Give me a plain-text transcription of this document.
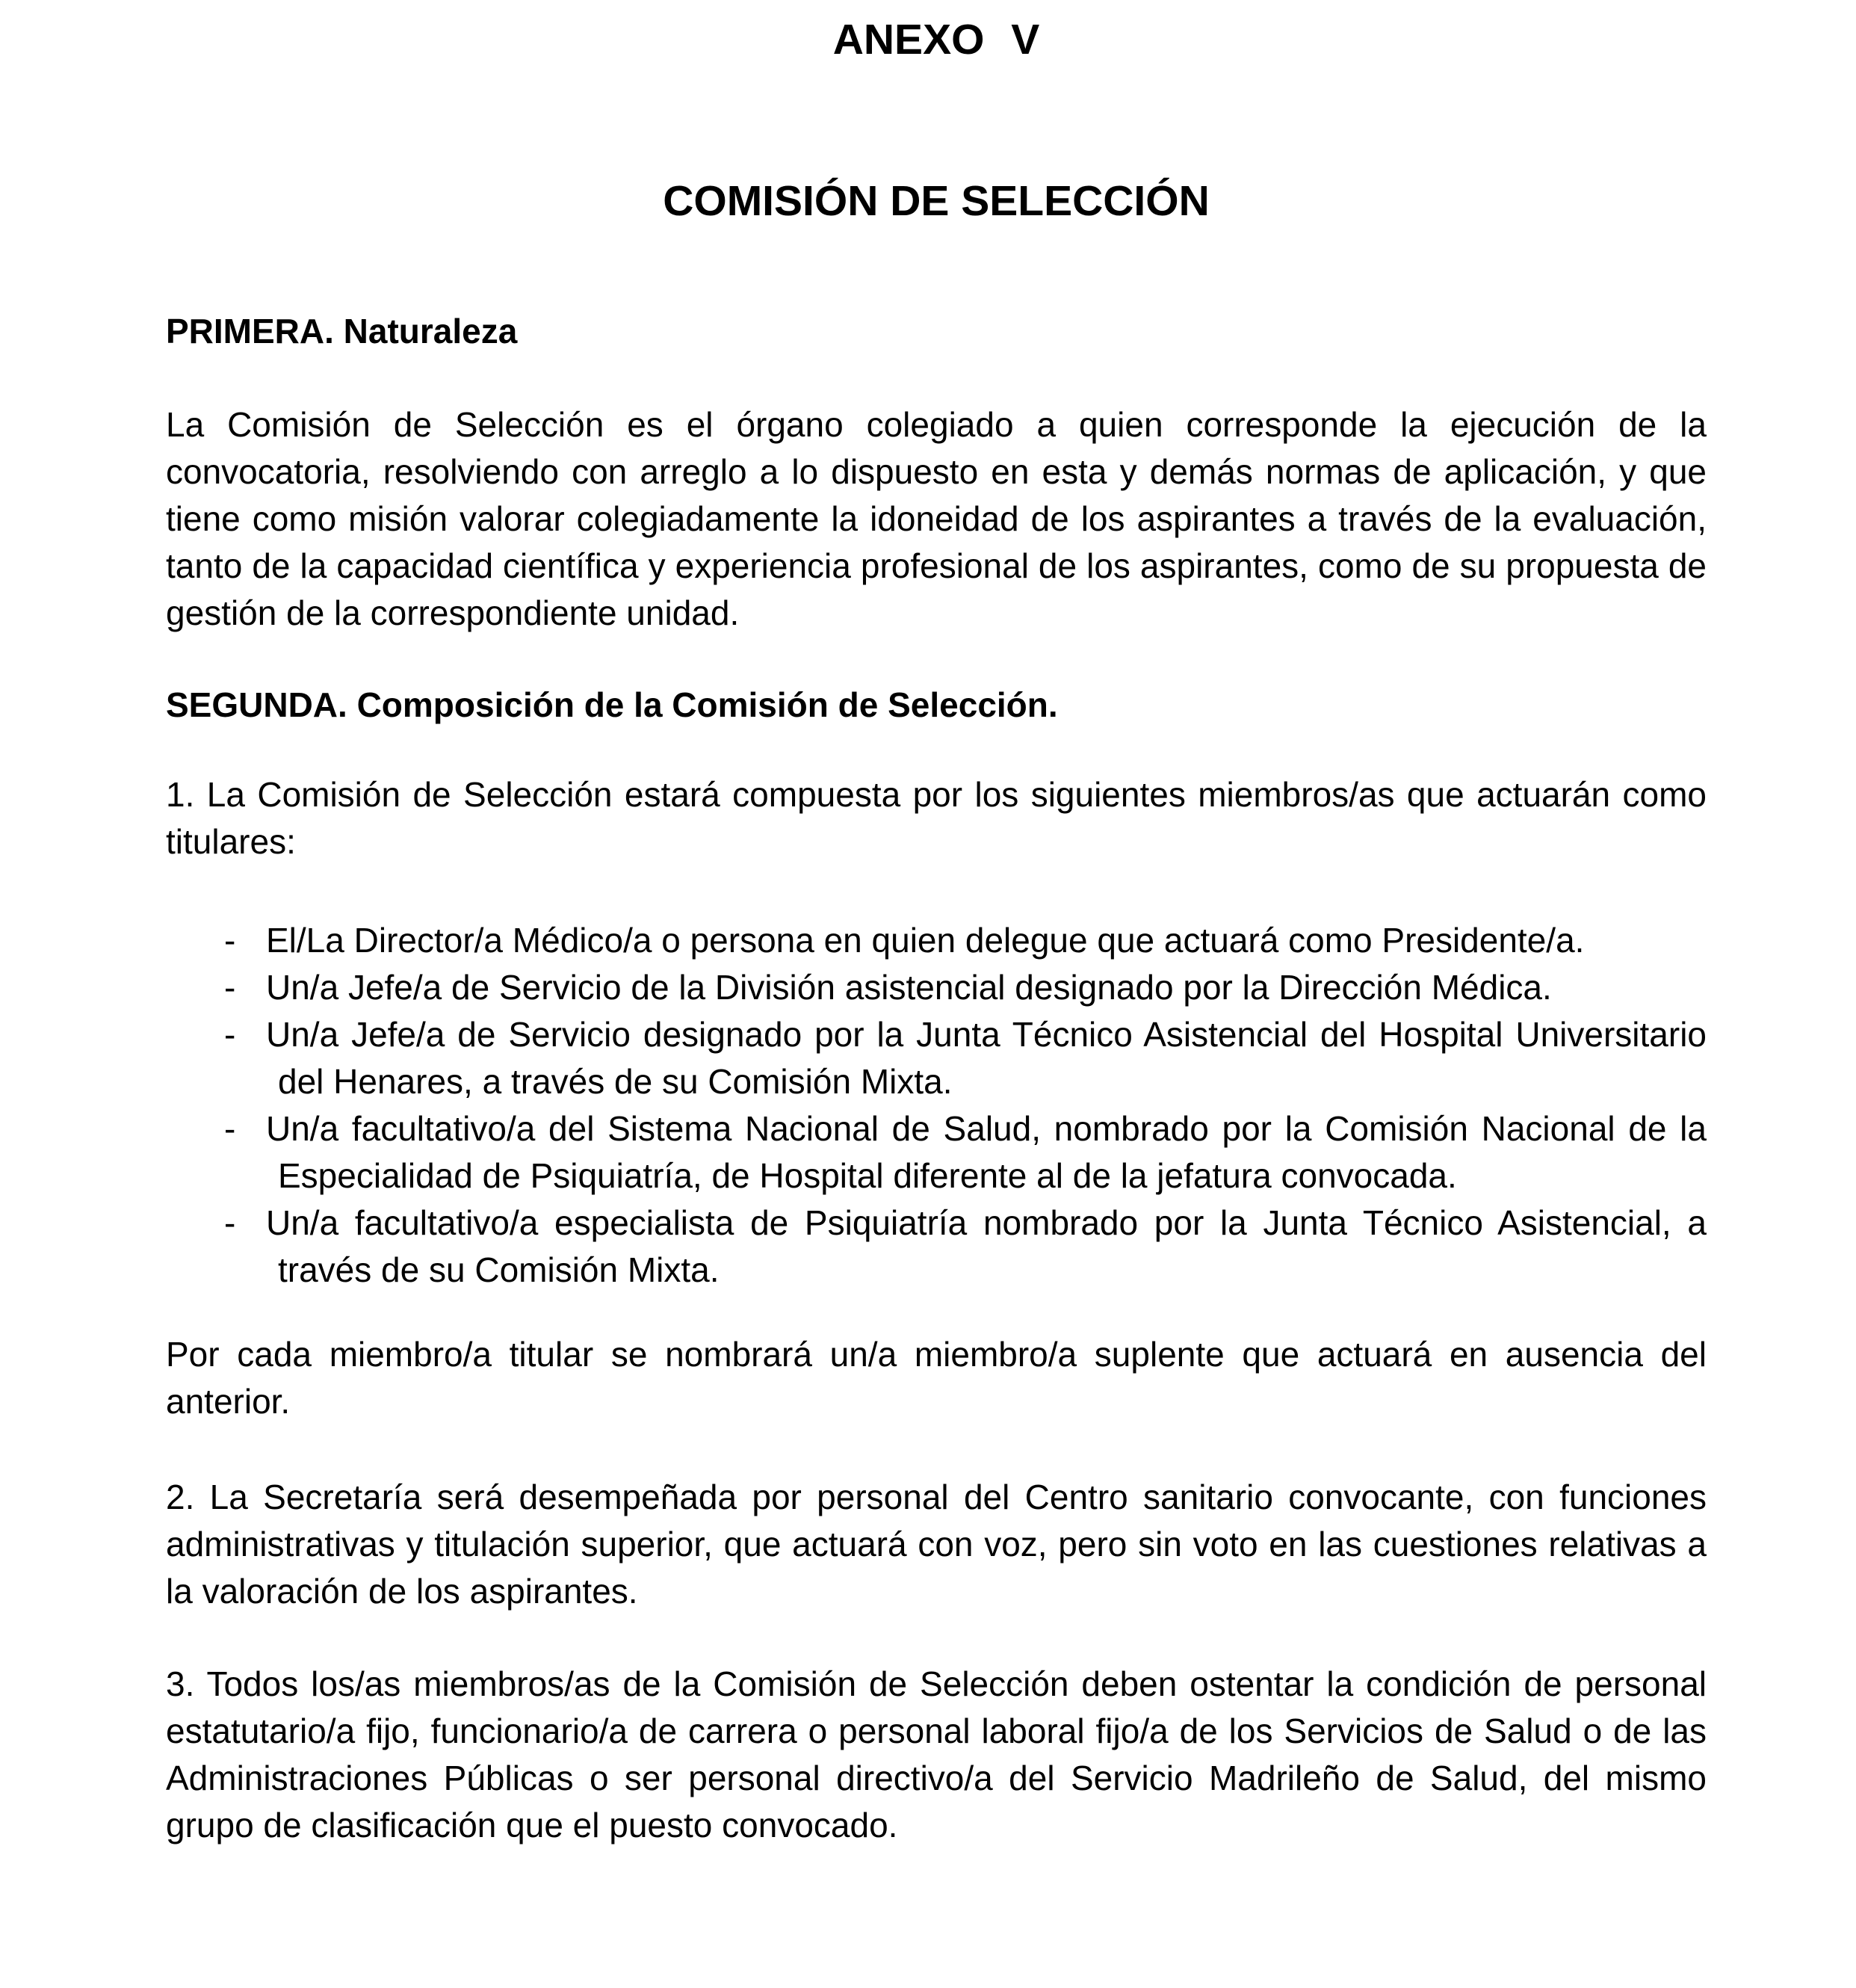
ANEXO V
COMISIÓN DE SELECCIÓN
PRIMERA. Naturaleza

La Comisión de Selección es el órgano colegiado a quien corresponde la ejecución de la convocatoria, resolviendo con arreglo a lo dispuesto en esta y demás normas de aplicación, y que tiene como misión valorar colegiadamente la idoneidad de los aspirantes a través de la evaluación, tanto de la capacidad científica y experiencia profesional de los aspirantes, como de su propuesta de gestión de la correspondiente unidad.

SEGUNDA. Composición de la Comisión de Selección.

1. La Comisión de Selección estará compuesta por los siguientes miembros/as que actuarán como titulares:

- El/La Director/a Médico/a o persona en quien delegue que actuará como Presidente/a.
- Un/a Jefe/a de Servicio de la División asistencial designado por la Dirección Médica.
- Un/a Jefe/a de Servicio designado por la Junta Técnico Asistencial del Hospital Universitario del Henares, a través de su Comisión Mixta.
- Un/a facultativo/a del Sistema Nacional de Salud, nombrado por la Comisión Nacional de la Especialidad de Psiquiatría, de Hospital diferente al de la jefatura convocada.
- Un/a facultativo/a especialista de Psiquiatría nombrado por la Junta Técnico Asistencial, a través de su Comisión Mixta.

Por cada miembro/a titular se nombrará un/a miembro/a suplente que actuará en ausencia del anterior.

2. La Secretaría será desempeñada por personal del Centro sanitario convocante, con funciones administrativas y titulación superior, que actuará con voz, pero sin voto en las cuestiones relativas a la valoración de los aspirantes.

3. Todos los/as miembros/as de la Comisión de Selección deben ostentar la condición de personal estatutario/a fijo, funcionario/a de carrera o personal laboral fijo/a de los Servicios de Salud o de las Administraciones Públicas o ser personal directivo/a del Servicio Madrileño de Salud, del mismo grupo de clasificación que el puesto convocado.
